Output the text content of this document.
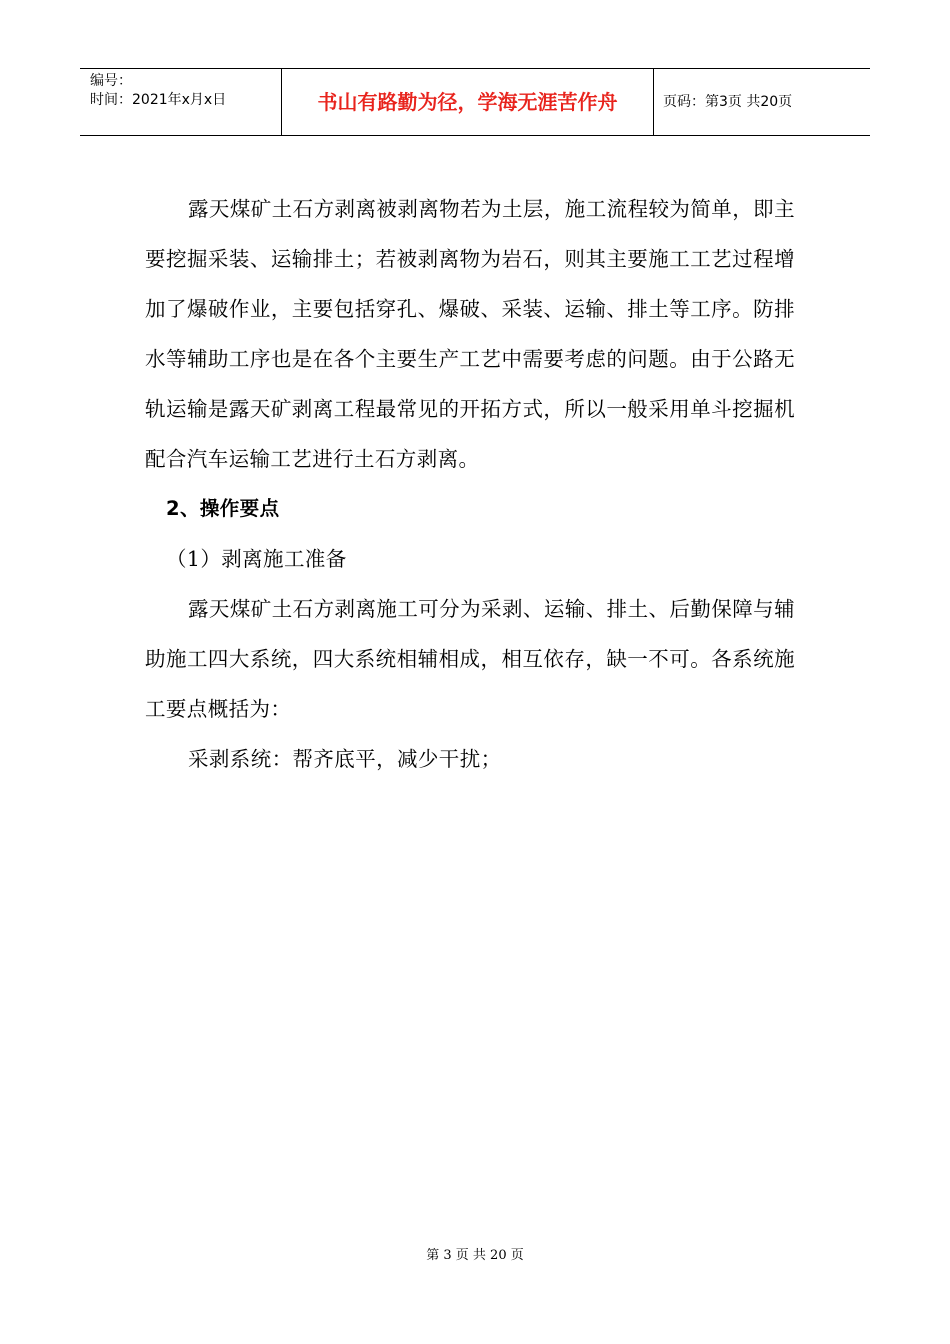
编号：
时间：2021年x月x日	书山有路勤为径，学海无涯苦作舟	页码：第3页 共20页

露天煤矿土石方剥离被剥离物若为土层，施工流程较为简单，即主要挖掘采装、运输排土；若被剥离物为岩石，则其主要施工工艺过程增加了爆破作业，主要包括穿孔、爆破、采装、运输、排土等工序。防排水等辅助工序也是在各个主要生产工艺中需要考虑的问题。由于公路无轨运输是露天矿剥离工程最常见的开拓方式，所以一般采用单斗挖掘机配合汽车运输工艺进行土石方剥离。

2、操作要点

（1）剥离施工准备

露天煤矿土石方剥离施工可分为采剥、运输、排土、后勤保障与辅助施工四大系统，四大系统相辅相成，相互依存，缺一不可。各系统施工要点概括为：

采剥系统：帮齐底平，减少干扰；

第 3 页 共 20 页
